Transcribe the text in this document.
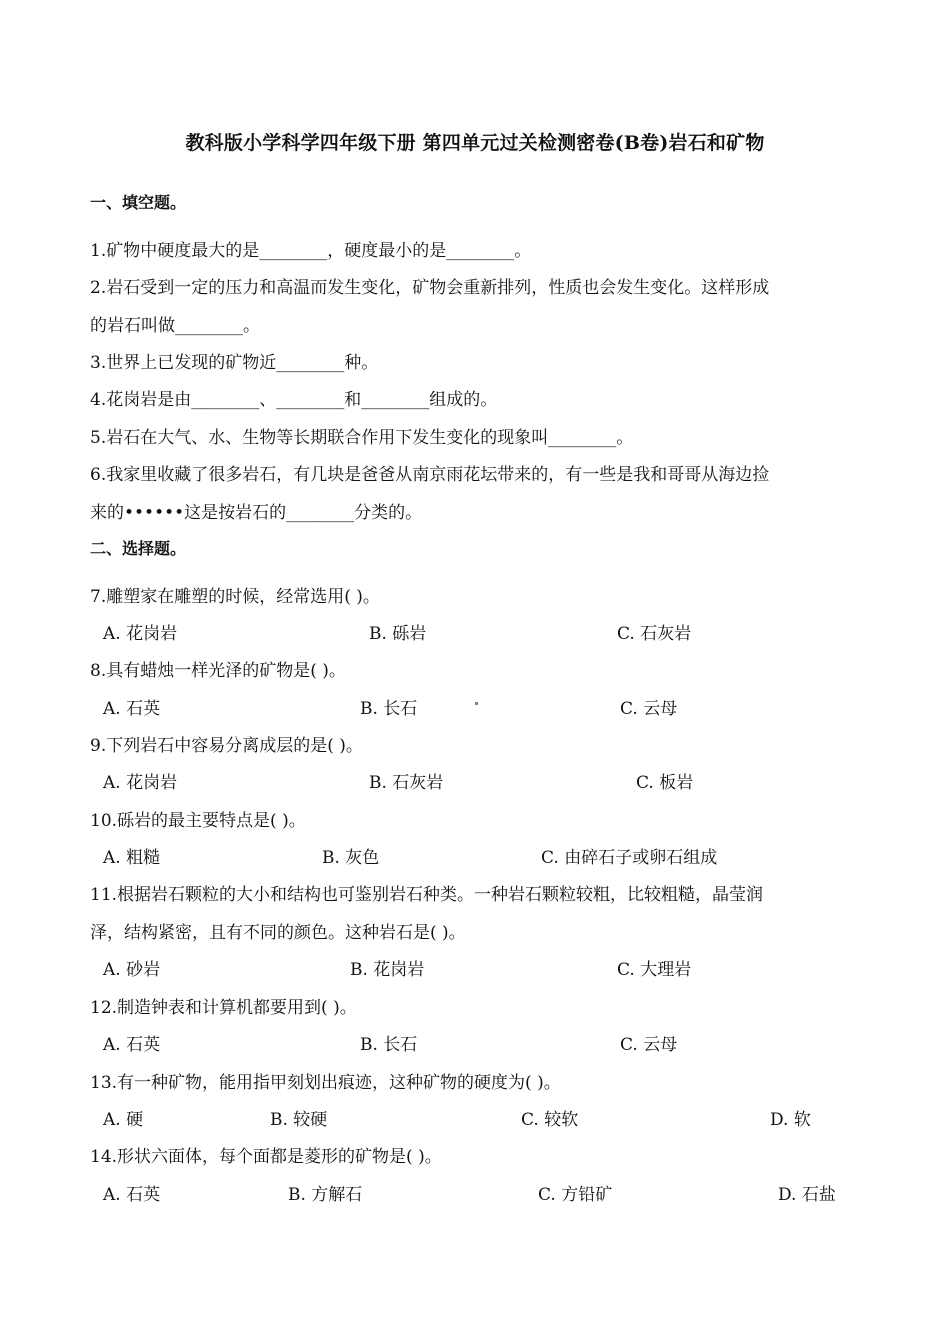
教科版小学科学四年级下册 第四单元过关检测密卷(B卷)岩石和矿物
一、填空题。
1.矿物中硬度最大的是________，硬度最小的是________。
2.岩石受到一定的压力和高温而发生变化，矿物会重新排列，性质也会发生变化。这样形成
的岩石叫做________。
3.世界上已发现的矿物近________种。
4.花岗岩是由________、________和________组成的。
5.岩石在大气、水、生物等长期联合作用下发生变化的现象叫________。
6.我家里收藏了很多岩石，有几块是爸爸从南京雨花坛带来的，有一些是我和哥哥从海边捡
来的••••••这是按岩石的________分类的。
二、选择题。
7.雕塑家在雕塑的时候，经常选用( )。
A. 花岗岩	B. 砾岩	C. 石灰岩
8.具有蜡烛一样光泽的矿物是( )。
A. 石英	B. 长石	C. 云母
9.下列岩石中容易分离成层的是( )。
A. 花岗岩	B. 石灰岩	C. 板岩
10.砾岩的最主要特点是( )。
A. 粗糙	B. 灰色	C. 由碎石子或卵石组成
11.根据岩石颗粒的大小和结构也可鉴别岩石种类。一种岩石颗粒较粗，比较粗糙，晶莹润
泽，结构紧密，且有不同的颜色。这种岩石是( )。
A. 砂岩	B. 花岗岩	C. 大理岩
12.制造钟表和计算机都要用到( )。
A. 石英	B. 长石	C. 云母
13.有一种矿物，能用指甲刻划出痕迹，这种矿物的硬度为( )。
A. 硬	B. 较硬	C. 较软	D. 软
14.形状六面体，每个面都是菱形的矿物是( )。
A. 石英	B. 方解石	C. 方铅矿	D. 石盐
